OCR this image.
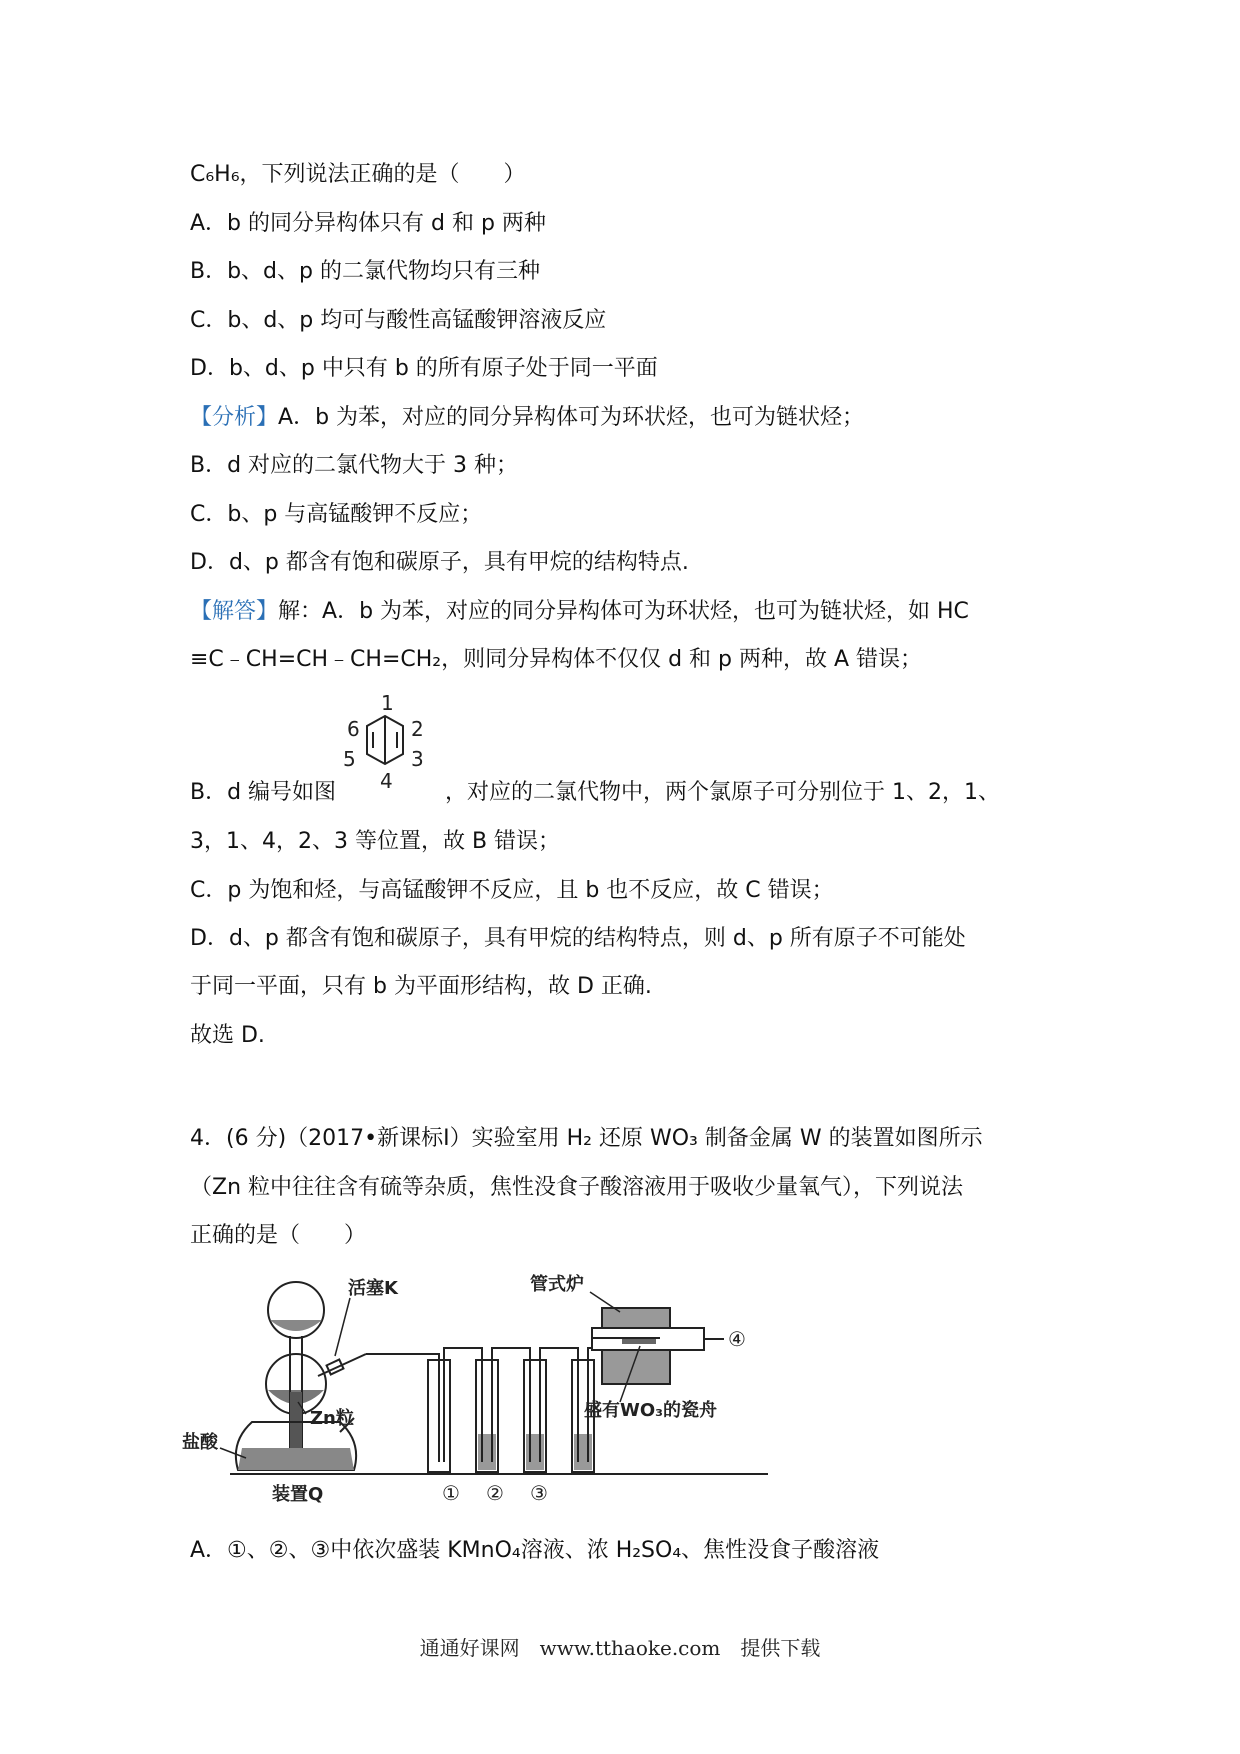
C₆H₆，下列说法正确的是（　　）
A．b 的同分异构体只有 d 和 p 两种
B．b、d、p 的二氯代物均只有三种
C．b、d、p 均可与酸性高锰酸钾溶液反应
D．b、d、p 中只有 b 的所有原子处于同一平面
【分析】A．b 为苯，对应的同分异构体可为环状烃，也可为链状烃；
B．d 对应的二氯代物大于 3 种；
C．b、p 与高锰酸钾不反应；
D．d、p 都含有饱和碳原子，具有甲烷的结构特点.
【解答】解：A．b 为苯，对应的同分异构体可为环状烃，也可为链状烃，如 HC
≡C﹣CH=CH﹣CH=CH₂，则同分异构体不仅仅 d 和 p 两种，故 A 错误；
1
2
3
4
5
6
B．d 编号如图	，对应的二氯代物中，两个氯原子可分别位于 1、2，1、
3，1、4，2、3 等位置，故 B 错误；
C．p 为饱和烃，与高锰酸钾不反应，且 b 也不反应，故 C 错误；
D．d、p 都含有饱和碳原子，具有甲烷的结构特点，则 d、p 所有原子不可能处
于同一平面，只有 b 为平面形结构，故 D 正确.
故选 D.
4．(6 分)（2017•新课标Ⅰ）实验室用 H₂ 还原 WO₃ 制备金属 W 的装置如图所示
（Zn 粒中往往含有硫等杂质，焦性没食子酸溶液用于吸收少量氧气），下列说法
正确的是（　　）
活塞K
Zn粒
盐酸
装置Q
管式炉
盛有WO₃的瓷舟
① ② ③
④
A．①、②、③中依次盛装 KMnO₄溶液、浓 H₂SO₄、焦性没食子酸溶液
通通好课网　www.tthaoke.com　提供下载
